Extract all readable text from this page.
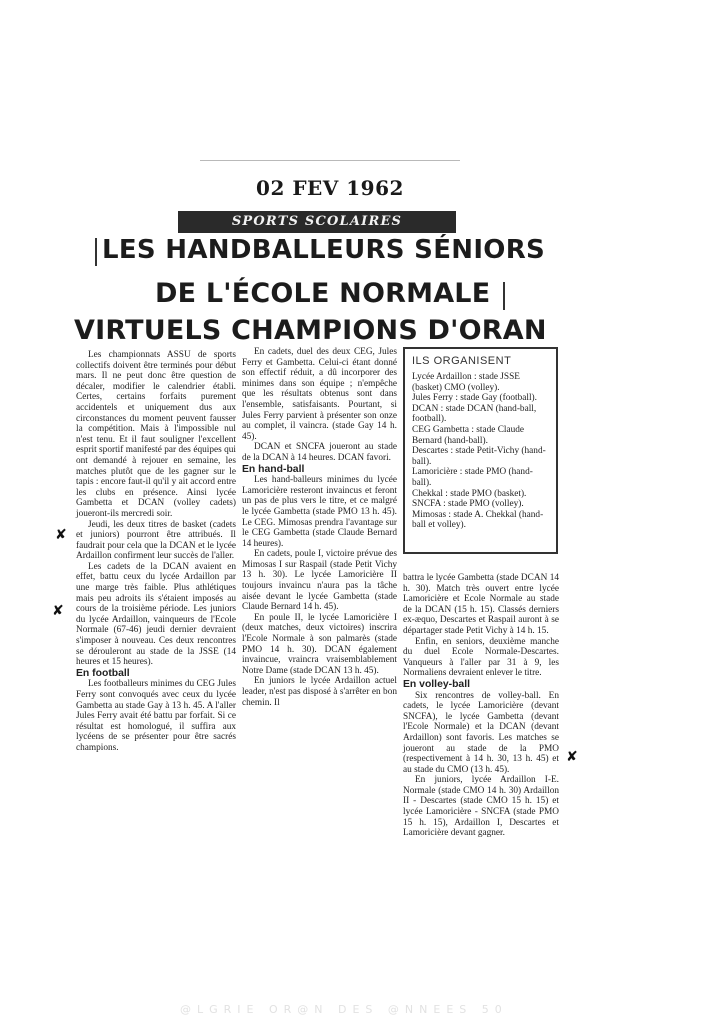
02 FEV 1962
SPORTS SCOLAIRES
LES HANDBALLEURS SÉNIORS
DE L'ÉCOLE NORMALE
VIRTUELS CHAMPIONS D'ORAN

Les championnats ASSU de sports collectifs doivent être terminés pour début mars. Il ne peut donc être question de décaler, modifier le calendrier établi. Certes, certains forfaits purement accidentels et uniquement dus aux circonstances du moment peuvent fausser la compétition. Mais à l'impossible nul n'est tenu. Et il faut souligner l'excellent esprit sportif manifesté par des équipes qui ont demandé à rejouer en semaine, les matches plutôt que de les gagner sur le tapis : encore faut-il qu'il y ait accord entre les clubs en présence. Ainsi lycée Gambetta et DCAN (volley cadets) joueront-ils mercredi soir.

Jeudi, les deux titres de basket (cadets et juniors) pourront être attribués. Il faudrait pour cela que la DCAN et le lycée Ardaillon confirment leur succès de l'aller.

Les cadets de la DCAN avaient en effet, battu ceux du lycée Ardaillon par une marge très faible. Plus athlétiques mais peu adroits ils s'étaient imposés au cours de la troisième période. Les juniors du lycée Ardaillon, vainqueurs de l'Ecole Normale (67-46) jeudi dernier devraient s'imposer à nouveau. Ces deux rencontres se dérouleront au stade de la JSSE (14 heures et 15 heures).

En football

Les footballeurs minimes du CEG Jules Ferry sont convoqués avec ceux du lycée Gambetta au stade Gay à 13 h. 45. A l'aller Jules Ferry avait été battu par forfait. Si ce résultat est homologué, il suffira aux lycéens de se présenter pour être sacrés champions.

En cadets, duel des deux CEG, Jules Ferry et Gambetta. Celui-ci étant donné son effectif réduit, a dû incorporer des minimes dans son équipe ; n'empêche que les résultats obtenus sont dans l'ensemble, satisfaisants. Pourtant, si Jules Ferry parvient à présenter son onze au complet, il vaincra. (stade Gay 14 h. 45).

DCAN et SNCFA joueront au stade de la DCAN à 14 heures. DCAN favori.

En hand-ball

Les hand-balleurs minimes du lycée Lamoricière resteront invaincus et feront un pas de plus vers le titre, et ce malgré le lycée Gambetta (stade PMO 13 h. 45). Le CEG. Mimosas prendra l'avantage sur le CEG Gambetta (stade Claude Bernard 14 heures).

En cadets, poule I, victoire prévue des Mimosas I sur Raspail (stade Petit Vichy 13 h. 30). Le lycée Lamoricière II toujours invaincu n'aura pas la tâche aisée devant le lycée Gambetta (stade Claude Bernard 14 h. 45).

En poule II, le lycée Lamoricière I (deux matches, deux victoires) inscrira l'Ecole Normale à son palmarès (stade PMO 14 h. 30). DCAN également invaincue, vraincra vraisemblablement Notre Dame (stade DCAN 13 h. 45).

En juniors le lycée Ardaillon actuel leader, n'est pas disposé à s'arrêter en bon chemin. Il

ILS ORGANISENT
Lycée Ardaillon : stade JSSE (basket) CMO (volley).
Jules Ferry : stade Gay (football).
DCAN : stade DCAN (hand-ball, football).
CEG Gambetta : stade Claude Bernard (hand-ball).
Descartes : stade Petit-Vichy (hand-ball).
Lamoricière : stade PMO (hand-ball).
Chekkal : stade PMO (basket).
SNCFA : stade PMO (volley).
Mimosas : stade A. Chekkal (hand-ball et volley).

battra le lycée Gambetta (stade DCAN 14 h. 30). Match très ouvert entre lycée Lamoricière et Ecole Normale au stade de la DCAN (15 h. 15). Classés derniers ex-æquo, Descartes et Raspail auront à se départager stade Petit Vichy à 14 h. 15.

Enfin, en seniors, deuxième manche du duel Ecole Normale-Descartes. Vanqueurs à l'aller par 31 à 9, les Normaliens devraient enlever le titre.

En volley-ball

Six rencontres de volley-ball. En cadets, le lycée Lamoricière (devant SNCFA), le lycée Gambetta (devant l'Ecole Normale) et la DCAN (devant Ardaillon) sont favoris. Les matches se joueront au stade de la PMO (respectivement à 14 h. 30, 13 h. 45) et au stade du CMO (13 h. 45).

En juniors, lycée Ardaillon I-E. Normale (stade CMO 14 h. 30) Ardaillon II - Descartes (stade CMO 15 h. 15) et lycée Lamoricière - SNCFA (stade PMO 15 h. 15), Ardaillon I, Descartes et Lamoricière devant gagner.

✘
✘
✘
@LGRIE OR@N DES @NNEES 50
